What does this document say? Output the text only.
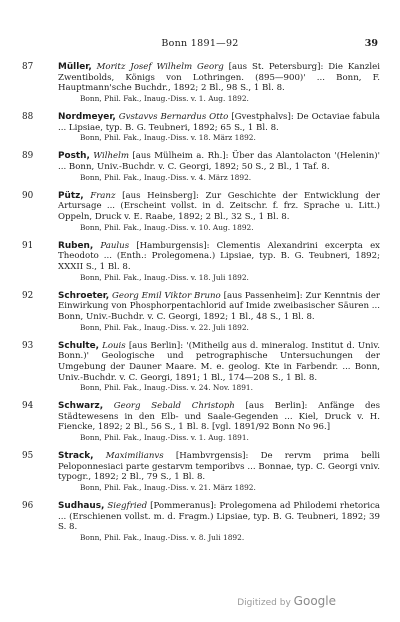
Bonn 1891—92	39
87	Müller, Moritz Josef Wilhelm Georg [aus St. Petersburg]: Die Kanzlei Zwentibolds, Königs von Lothringen. (895—900)' ... Bonn, F. Hauptmann'sche Buchdr., 1892; 2 Bl., 98 S., 1 Bl. 8.
Bonn, Phil. Fak., Inaug.-Diss. v. 1. Aug. 1892.
88	Nordmeyer, Gvstavvs Bernardus Otto [Gvestphalvs]: De Octaviae fabula ... Lipsiae, typ. B. G. Teubneri, 1892; 65 S., 1 Bl. 8.
Bonn, Phil. Fak., Inaug.-Diss. v. 18. März 1892.
89	Posth, Wilhelm [aus Mülheim a. Rh.]: Über das Alantolacton '(Helenin)' ... Bonn, Univ.-Buchdr. v. C. Georgi, 1892; 50 S., 2 Bl., 1 Taf. 8.
Bonn, Phil. Fak., Inaug.-Diss. v. 4. März 1892.
90	Pütz, Franz [aus Heinsberg]: Zur Geschichte der Entwicklung der Artursage ... (Erscheint vollst. in d. Zeitschr. f. frz. Sprache u. Litt.) Oppeln, Druck v. E. Raabe, 1892; 2 Bl., 32 S., 1 Bl. 8.
Bonn, Phil. Fak., Inaug.-Diss. v. 10. Aug. 1892.
91	Ruben, Paulus [Hamburgensis]: Clementis Alexandrini excerpta ex Theodoto ... (Enth.: Prolegomena.) Lipsiae, typ. B. G. Teubneri, 1892; XXXII S., 1 Bl. 8.
Bonn, Phil. Fak., Inaug.-Diss. v. 18. Juli 1892.
92	Schroeter, Georg Emil Viktor Bruno [aus Passenheim]: Zur Kenntnis der Einwirkung von Phosphorpentachlorid auf Imide zweibasischer Säuren ... Bonn, Univ.-Buchdr. v. C. Georgi, 1892; 1 Bl., 48 S., 1 Bl. 8.
Bonn, Phil. Fak., Inaug.-Diss. v. 22. Juli 1892.
93	Schulte, Louis [aus Berlin]: '(Mitheilg aus d. mineralog. Institut d. Univ. Bonn.)' Geologische und petrographische Untersuchungen der Umgebung der Dauner Maare. M. e. geolog. Kte in Farbendr. ... Bonn, Univ.-Buchdr. v. C. Georgi, 1891; 1 Bl., 174—208 S., 1 Bl. 8.
Bonn, Phil. Fak., Inaug.-Diss. v. 24. Nov. 1891.
94	Schwarz, Georg Sebald Christoph [aus Berlin]: Anfänge des Städtewesens in den Elb- und Saale-Gegenden ... Kiel, Druck v. H. Fiencke, 1892; 2 Bl., 56 S., 1 Bl. 8. [vgl. 1891/92 Bonn No 96.]
Bonn, Phil. Fak., Inaug.-Diss. v. 1. Aug. 1891.
95	Strack, Maximilianvs [Hambvrgensis]: De rervm prima belli Peloponnesiaci parte gestarvm temporibvs ... Bonnae, typ. C. Georgi vniv. typogr., 1892; 2 Bl., 79 S., 1 Bl. 8.
Bonn, Phil. Fak., Inaug.-Diss. v. 21. März 1892.
96	Sudhaus, Siegfried [Pommeranus]: Prolegomena ad Philodemi rhetorica ... (Erschienen vollst. m. d. Fragm.) Lipsiae, typ. B. G. Teubneri, 1892; 39 S. 8.
Bonn, Phil. Fak., Inaug.-Diss. v. 8. Juli 1892.
Digitized by Google
